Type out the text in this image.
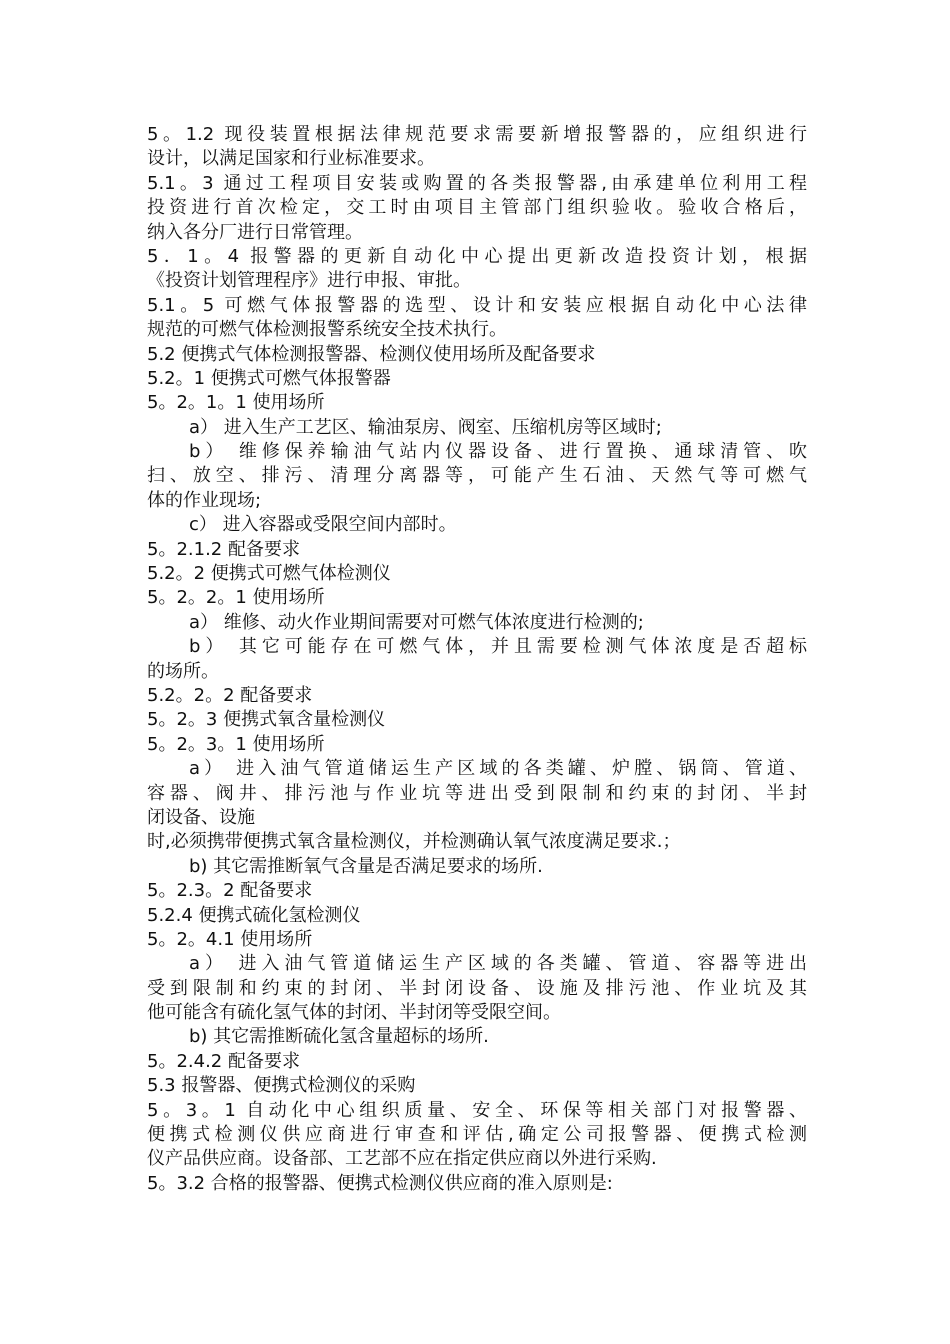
5。1.2 现役装置根据法律规范要求需要新增报警器的，应组织进行
设计，以满足国家和行业标准要求。
5.1。3 通过工程项目安装或购置的各类报警器,由承建单位利用工程
投资进行首次检定，交工时由项目主管部门组织验收。验收合格后，
纳入各分厂进行日常管理。
5．1。4 报警器的更新自动化中心提出更新改造投资计划，根据
《投资计划管理程序》进行申报、审批。
5.1。5 可燃气体报警器的选型、设计和安装应根据自动化中心法律
规范的可燃气体检测报警系统安全技术执行。
5.2 便携式气体检测报警器、检测仪使用场所及配备要求
5.2。1 便携式可燃气体报警器
5。2。1。1 使用场所
a） 进入生产工艺区、输油泵房、阀室、压缩机房等区域时;
b） 维修保养输油气站内仪器设备、进行置换、通球清管、吹
扫、放空、排污、清理分离器等，可能产生石油、天然气等可燃气
体的作业现场;
c） 进入容器或受限空间内部时。
5。2.1.2 配备要求
5.2。2 便携式可燃气体检测仪
5。2。2。1 使用场所
a） 维修、动火作业期间需要对可燃气体浓度进行检测的;
b） 其它可能存在可燃气体，并且需要检测气体浓度是否超标
的场所。
5.2。2。2 配备要求
5。2。3 便携式氧含量检测仪
5。2。3。1 使用场所
a） 进入油气管道储运生产区域的各类罐、炉膛、锅筒、管道、
容器、阀井、排污池与作业坑等进出受到限制和约束的封闭、半封
闭设备、设施
时,必须携带便携式氧含量检测仪，并检测确认氧气浓度满足要求.；
b) 其它需推断氧气含量是否满足要求的场所.
5。2.3。2 配备要求
5.2.4 便携式硫化氢检测仪
5。2。4.1 使用场所
a） 进入油气管道储运生产区域的各类罐、管道、容器等进出
受到限制和约束的封闭、半封闭设备、设施及排污池、作业坑及其
他可能含有硫化氢气体的封闭、半封闭等受限空间。
b) 其它需推断硫化氢含量超标的场所.
5。2.4.2 配备要求
5.3 报警器、便携式检测仪的采购
5。3。1 自动化中心组织质量、安全、环保等相关部门对报警器、
便携式检测仪供应商进行审查和评估,确定公司报警器、便携式检测
仪产品供应商。设备部、工艺部不应在指定供应商以外进行采购.
5。3.2 合格的报警器、便携式检测仪供应商的准入原则是:
